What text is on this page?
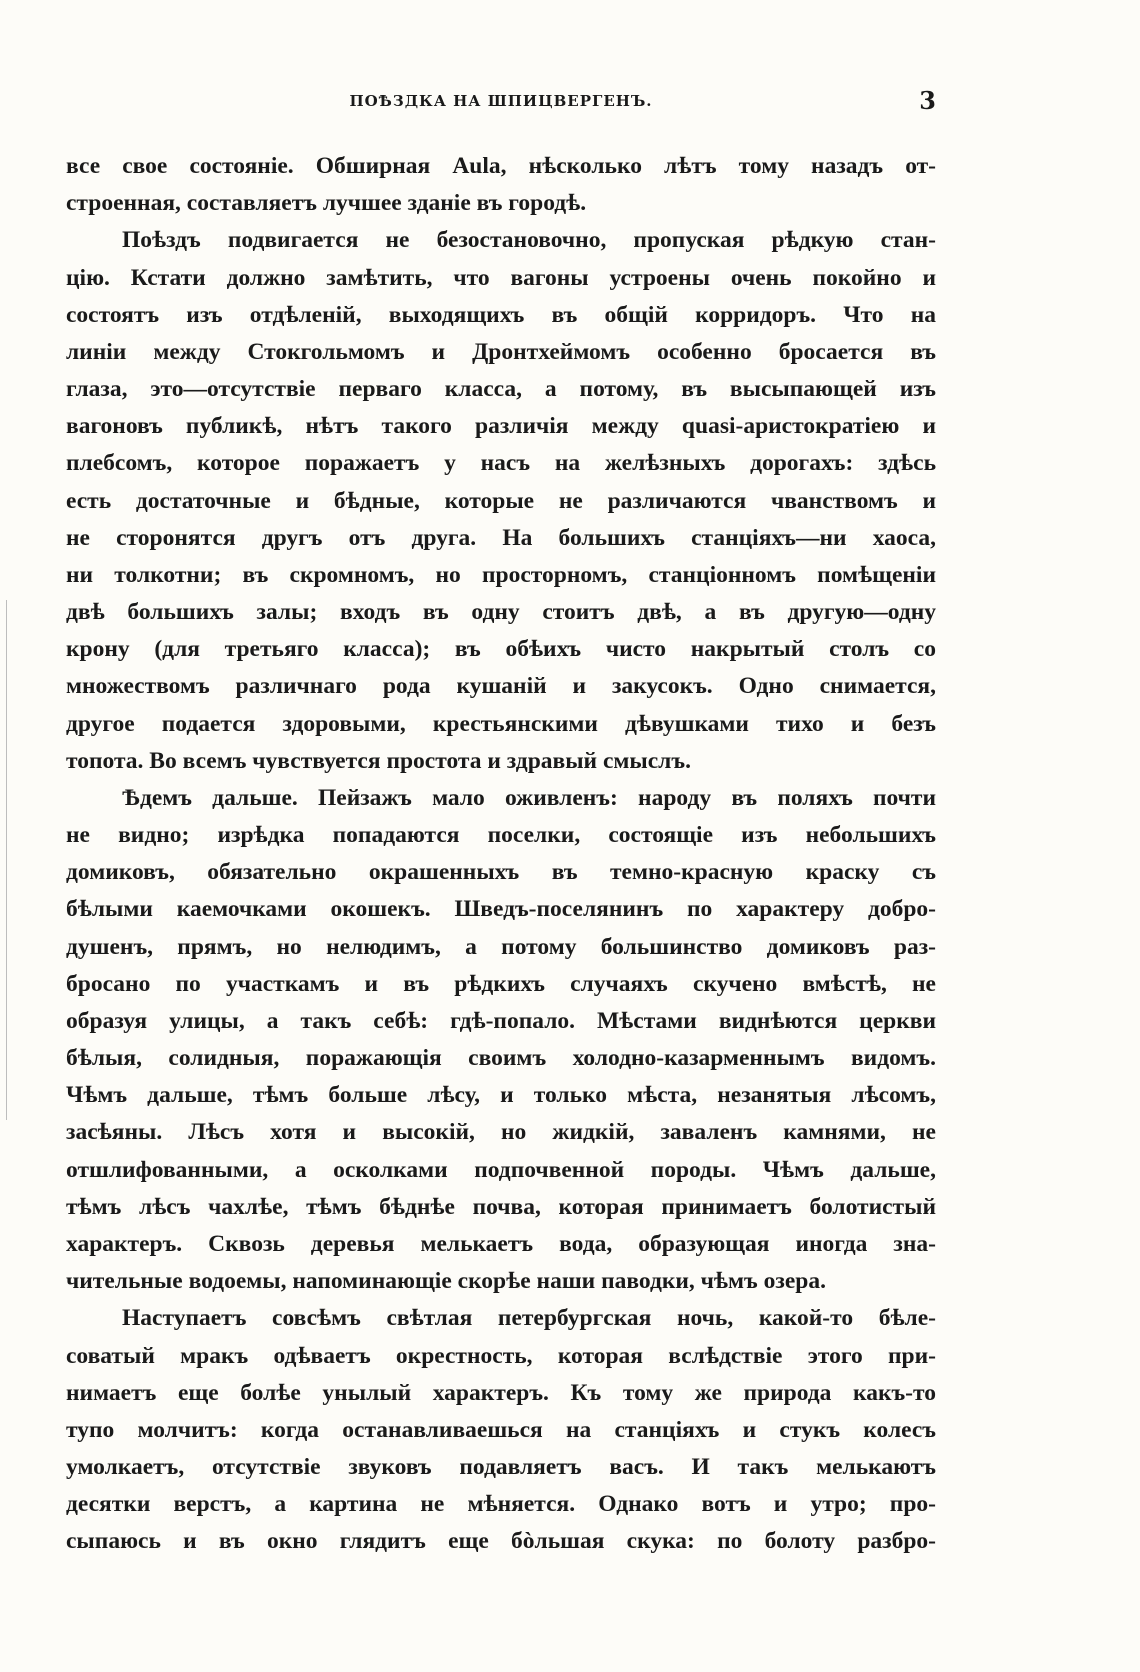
ПОѢЗДКА НА ШПИЦВЕРГЕНЪ.	3
все свое состояніе. Обширная Aula, нѣсколько лѣтъ тому назадъ от-
строенная, составляетъ лучшее зданіе въ городѣ.
Поѣздъ подвигается не безостановочно, пропуская рѣдкую стан-
цію. Кстати должно замѣтить, что вагоны устроены очень покойно и
состоятъ изъ отдѣленій, выходящихъ въ общій корридоръ. Что на
линіи между Стокгольмомъ и Дронтхеймомъ особенно бросается въ
глаза, это—отсутствіе перваго класса, а потому, въ высыпающей изъ
вагоновъ публикѣ, нѣтъ такого различія между quasi-аристократіею и
плебсомъ, которое поражаетъ у насъ на желѣзныхъ дорогахъ: здѣсь
есть достаточные и бѣдные, которые не различаются чванствомъ и
не сторонятся другъ отъ друга. На большихъ станціяхъ—ни хаоса,
ни толкотни; въ скромномъ, но просторномъ, станціонномъ помѣщеніи
двѣ большихъ залы; входъ въ одну стоитъ двѣ, а въ другую—одну
крону (для третьяго класса); въ обѣихъ чисто накрытый столъ со
множествомъ различнаго рода кушаній и закусокъ. Одно снимается,
другое подается здоровыми, крестьянскими дѣвушками тихо и безъ
топота. Во всемъ чувствуется простота и здравый смыслъ.
Ѣдемъ дальше. Пейзажъ мало оживленъ: народу въ поляхъ почти
не видно; изрѣдка попадаются поселки, состоящіе изъ небольшихъ
домиковъ, обязательно окрашенныхъ въ темно-красную краску съ
бѣлыми каемочками окошекъ. Шведъ-поселянинъ по характеру добро-
душенъ, прямъ, но нелюдимъ, а потому большинство домиковъ раз-
бросано по участкамъ и въ рѣдкихъ случаяхъ скучено вмѣстѣ, не
образуя улицы, а такъ себѣ: гдѣ-попало. Мѣстами виднѣются церкви
бѣлыя, солидныя, поражающія своимъ холодно-казарменнымъ видомъ.
Чѣмъ дальше, тѣмъ больше лѣсу, и только мѣста, незанятыя лѣсомъ,
засѣяны. Лѣсъ хотя и высокій, но жидкій, заваленъ камнями, не
отшлифованными, а осколками подпочвенной породы. Чѣмъ дальше,
тѣмъ лѣсъ чахлѣе, тѣмъ бѣднѣе почва, которая принимаетъ болотистый
характеръ. Сквозь деревья мелькаетъ вода, образующая иногда зна-
чительные водоемы, напоминающіе скорѣе наши паводки, чѣмъ озера.
Наступаетъ совсѣмъ свѣтлая петербургская ночь, какой-то бѣле-
соватый мракъ одѣваетъ окрестность, которая вслѣдствіе этого при-
нимаетъ еще болѣе унылый характеръ. Къ тому же природа какъ-то
тупо молчитъ: когда останавливаешься на станціяхъ и стукъ колесъ
умолкаетъ, отсутствіе звуковъ подавляетъ васъ. И такъ мелькаютъ
десятки верстъ, а картина не мѣняется. Однако вотъ и утро; про-
сыпаюсь и въ окно глядитъ еще бòльшая скука: по болоту разбро-
